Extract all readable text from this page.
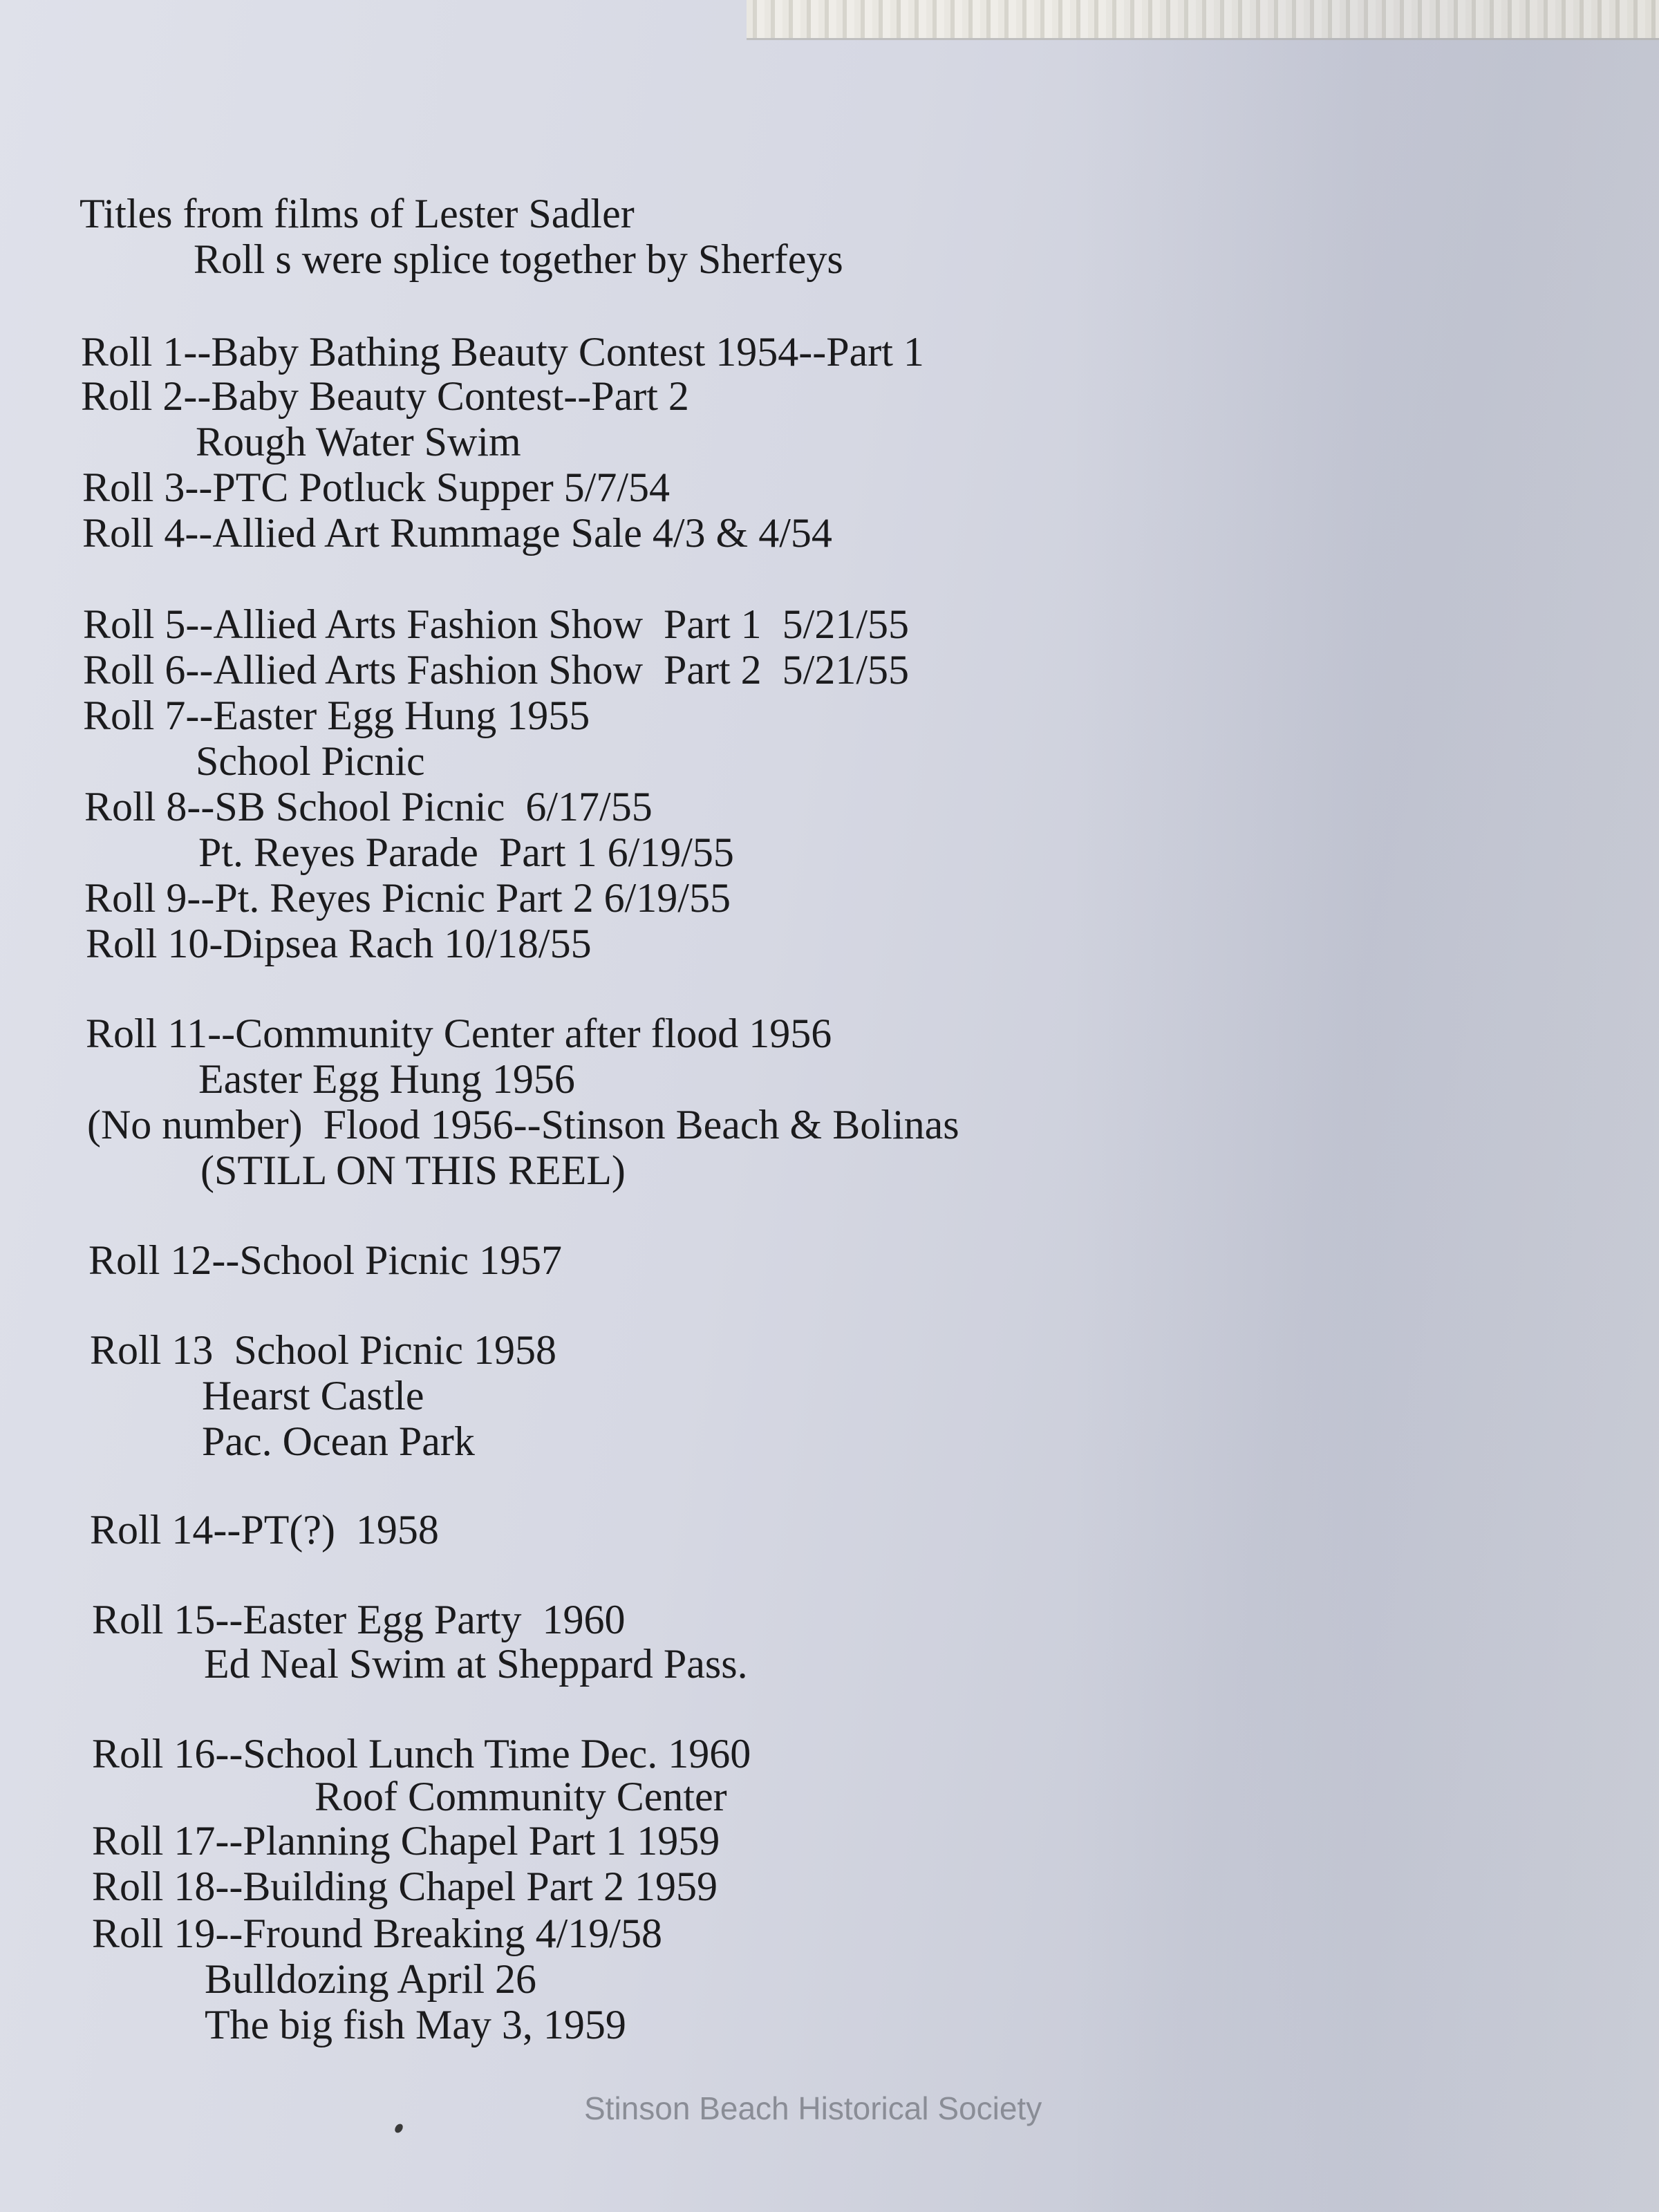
Titles from films of Lester Sadler

Roll s were splice together by Sherfeys

Roll 1--Baby Bathing Beauty Contest 1954--Part 1

Roll 2--Baby Beauty Contest--Part 2

Rough Water Swim

Roll 3--PTC Potluck Supper 5/7/54

Roll 4--Allied Art Rummage Sale 4/3 & 4/54

Roll 5--Allied Arts Fashion Show  Part 1  5/21/55

Roll 6--Allied Arts Fashion Show  Part 2  5/21/55

Roll 7--Easter Egg Hung 1955

School Picnic

Roll 8--SB School Picnic  6/17/55

Pt. Reyes Parade  Part 1 6/19/55

Roll 9--Pt. Reyes Picnic Part 2 6/19/55

Roll 10-Dipsea Rach 10/18/55

Roll 11--Community Center after flood 1956

Easter Egg Hung 1956

(No number)  Flood 1956--Stinson Beach & Bolinas

(STILL ON THIS REEL)

Roll 12--School Picnic 1957

Roll 13  School Picnic 1958

Hearst Castle

Pac. Ocean Park

Roll 14--PT(?)  1958

Roll 15--Easter Egg Party  1960

Ed Neal Swim at Sheppard Pass.

Roll 16--School Lunch Time Dec. 1960

Roof Community Center

Roll 17--Planning Chapel Part 1 1959

Roll 18--Building Chapel Part 2 1959

Roll 19--Fround Breaking 4/19/58

Bulldozing April 26

The big fish May 3, 1959

Stinson Beach Historical Society
